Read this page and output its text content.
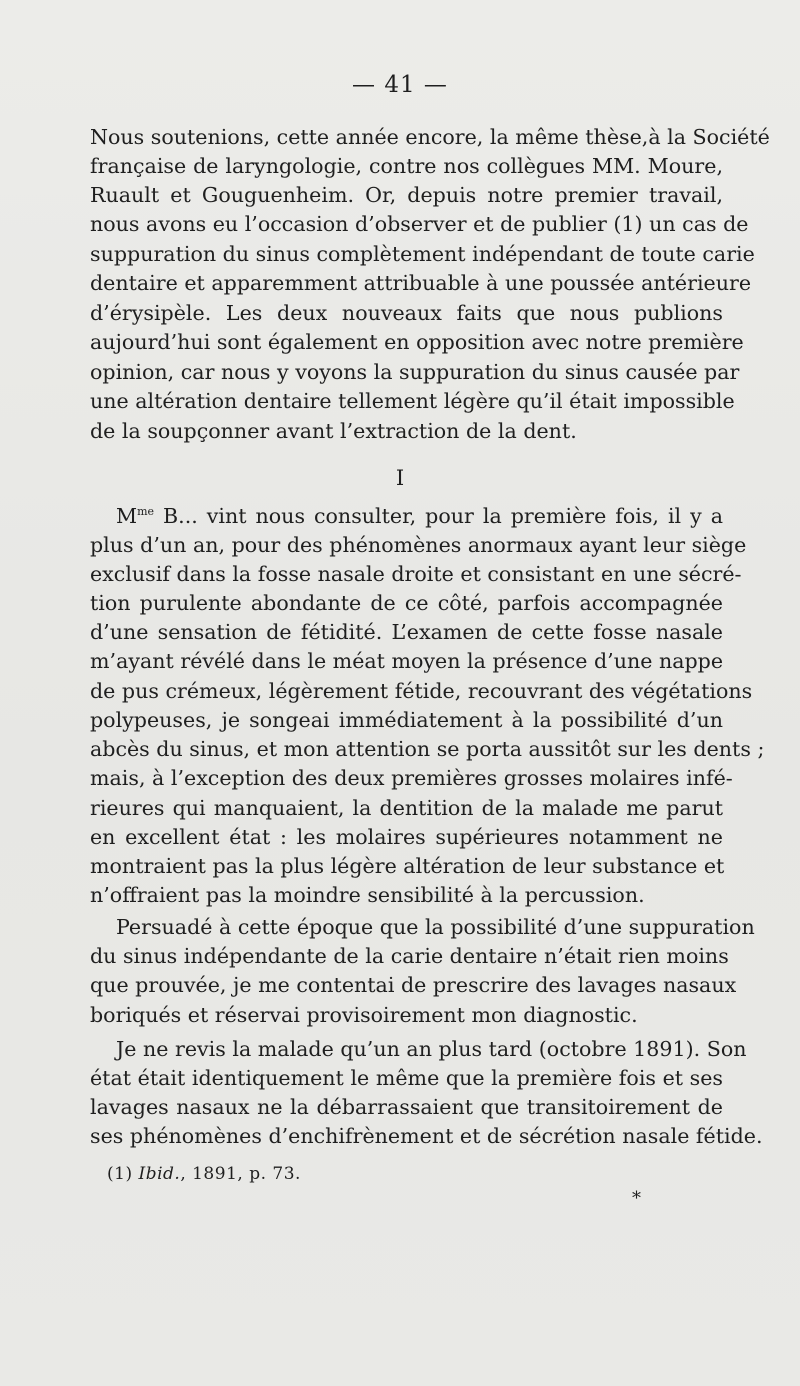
— 41 —
Nous soutenions, cette année encore, la même thèse,à la Société
française de laryngologie, contre nos collègues MM. Moure,
Ruault et Gouguenheim. Or, depuis notre premier travail,
nous avons eu l’occasion d’observer et de publier (1) un cas de
suppuration du sinus complètement indépendant de toute carie
dentaire et apparemment attribuable à une poussée antérieure
d’érysipèle. Les deux nouveaux faits que nous publions
aujourd’hui sont également en opposition avec notre première
opinion, car nous y voyons la suppuration du sinus causée par
une altération dentaire tellement légère qu’il était impossible
de la soupçonner avant l’extraction de la dent.
I
$M^{me}$ B... vint nous consulter, pour la première fois, il y a
plus d’un an, pour des phénomènes anormaux ayant leur siège
exclusif dans la fosse nasale droite et consistant en une sécré-
tion purulente abondante de ce côté, parfois accompagnée
d’une sensation de fétidité. L’examen de cette fosse nasale
m’ayant révélé dans le méat moyen la présence d’une nappe
de pus crémeux, légèrement fétide, recouvrant des végétations
polypeuses, je songeai immédiatement à la possibilité d’un
abcès du sinus, et mon attention se porta aussitôt sur les dents ;
mais, à l’exception des deux premières grosses molaires infé-
rieures qui manquaient, la dentition de la malade me parut
en excellent état : les molaires supérieures notamment ne
montraient pas la plus légère altération de leur substance et
n’offraient pas la moindre sensibilité à la percussion.
Persuadé à cette époque que la possibilité d’une suppuration
du sinus indépendante de la carie dentaire n’était rien moins
que prouvée, je me contentai de prescrire des lavages nasaux
boriqués et réservai provisoirement mon diagnostic.
Je ne revis la malade qu’un an plus tard (octobre 1891). Son
état était identiquement le même que la première fois et ses
lavages nasaux ne la débarrassaient que transitoirement de
ses phénomènes d’enchifrènement et de sécrétion nasale fétide.
(1) Ibid., 1891, p. 73.
*
